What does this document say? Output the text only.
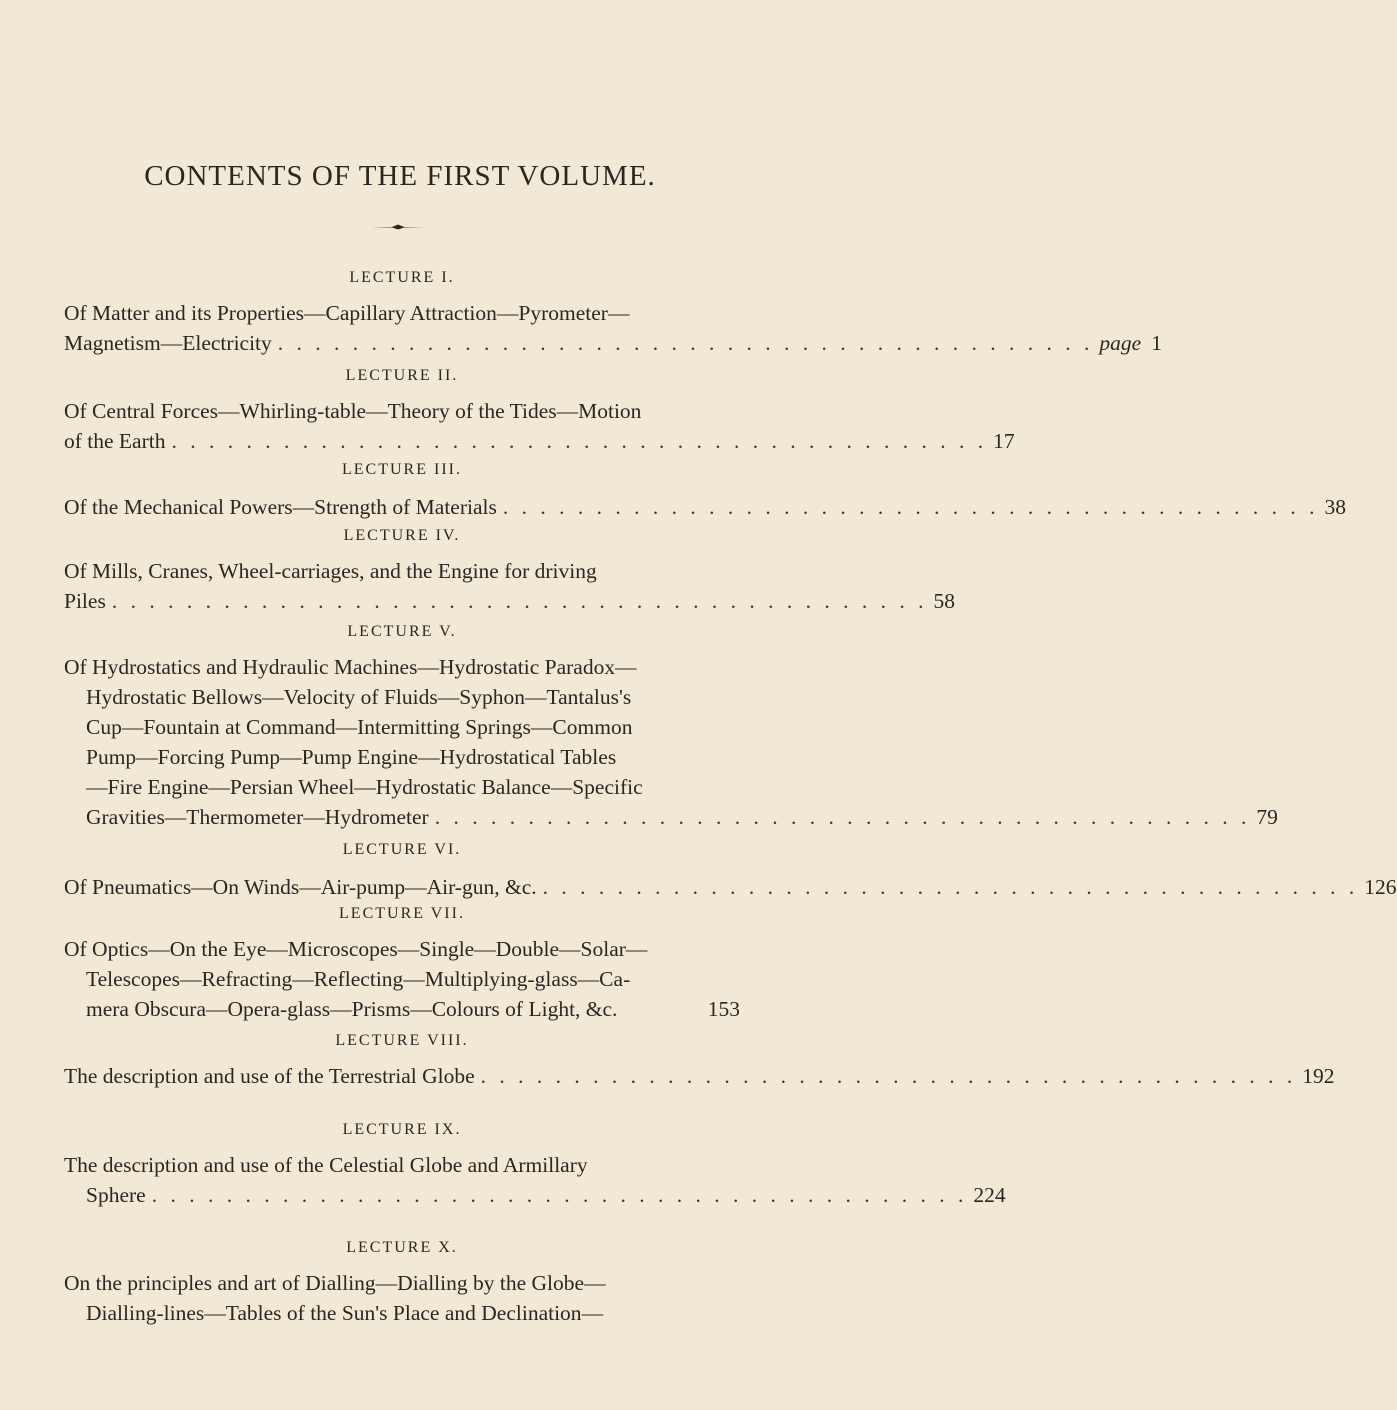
CONTENTS OF THE FIRST VOLUME.
LECTURE I.
Of Matter and its Properties—Capillary Attraction—Pyrometer—
Magnetism—Electricity . . . . . . . . . . . . . . . . . . . . . . . . . . . . . . . . . . . . . . . . . . . . page 1
LECTURE II.
Of Central Forces—Whirling-table—Theory of the Tides—Motion
of the Earth . . . . . . . . . . . . . . . . . . . . . . . . . . . . . . . . . . . . . . . . . . . . 17
LECTURE III.
Of the Mechanical Powers—Strength of Materials . . . . . . . . . . . . . . . . . . . . . . . . . . . . . . . . . . . . . . . . . . . . 38
LECTURE IV.
Of Mills, Cranes, Wheel-carriages, and the Engine for driving
Piles . . . . . . . . . . . . . . . . . . . . . . . . . . . . . . . . . . . . . . . . . . . . 58
LECTURE V.
Of Hydrostatics and Hydraulic Machines—Hydrostatic Paradox—
Hydrostatic Bellows—Velocity of Fluids—Syphon—Tantalus's
Cup—Fountain at Command—Intermitting Springs—Common
Pump—Forcing Pump—Pump Engine—Hydrostatical Tables
—Fire Engine—Persian Wheel—Hydrostatic Balance—Specific
Gravities—Thermometer—Hydrometer . . . . . . . . . . . . . . . . . . . . . . . . . . . . . . . . . . . . . . . . . . . . 79
LECTURE VI.
Of Pneumatics—On Winds—Air-pump—Air-gun, &c. . . . . . . . . . . . . . . . . . . . . . . . . . . . . . . . . . . . . . . . . . . . . 126
LECTURE VII.
Of Optics—On the Eye—Microscopes—Single—Double—Solar—
Telescopes—Refracting—Reflecting—Multiplying-glass—Ca-
mera Obscura—Opera-glass—Prisms—Colours of Light, &c.	153
LECTURE VIII.
The description and use of the Terrestrial Globe . . . . . . . . . . . . . . . . . . . . . . . . . . . . . . . . . . . . . . . . . . . . 192
LECTURE IX.
The description and use of the Celestial Globe and Armillary
Sphere . . . . . . . . . . . . . . . . . . . . . . . . . . . . . . . . . . . . . . . . . . . . 224
LECTURE X.
On the principles and art of Dialling—Dialling by the Globe—
Dialling-lines—Tables of the Sun's Place and Declination—
